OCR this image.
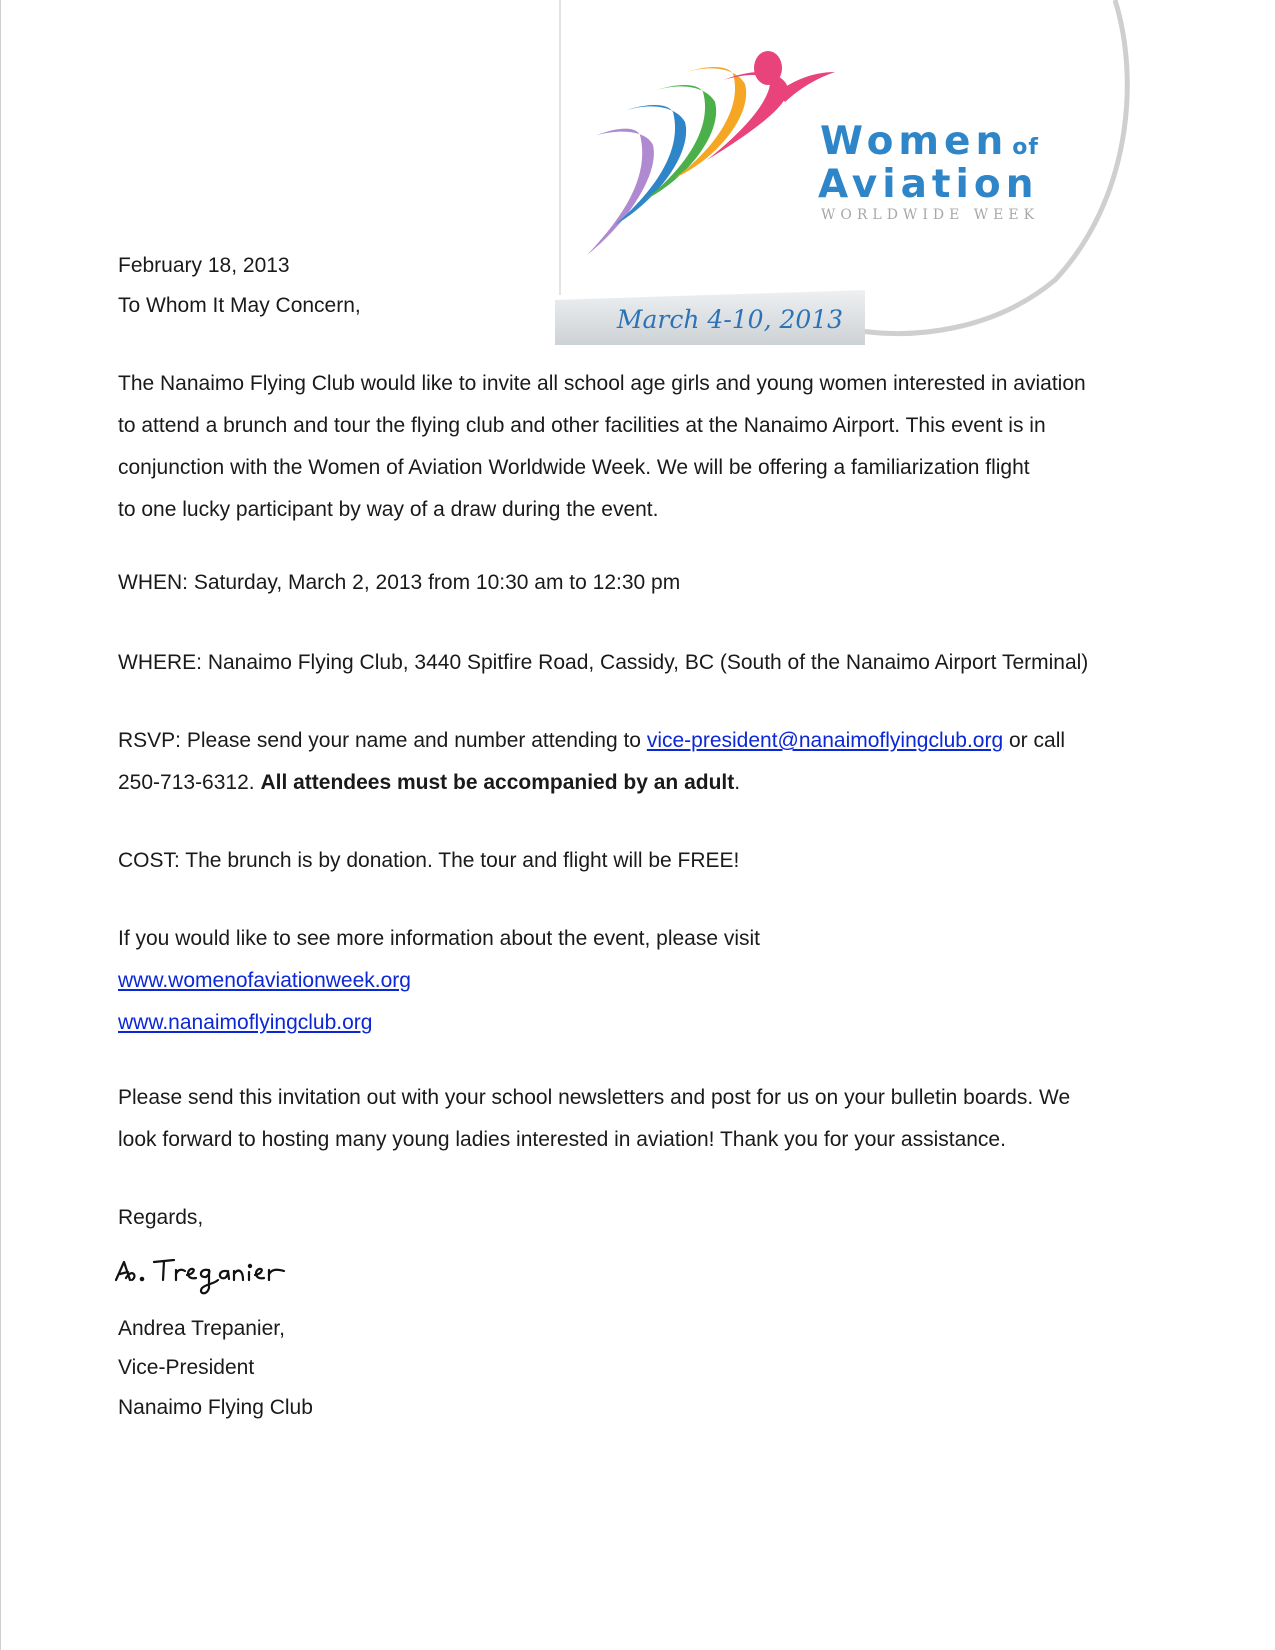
Women of
Aviation
WORLDWIDE WEEK
March 4-10, 2013
February 18, 2013
To Whom It May Concern,
The Nanaimo Flying Club would like to invite all school age girls and young women interested in aviation
to attend a brunch and tour the flying club and other facilities at the Nanaimo Airport. This event is in
conjunction with the Women of Aviation Worldwide Week. We will be offering a familiarization flight
to one lucky participant by way of a draw during the event.
WHEN: Saturday, March 2, 2013 from 10:30 am to 12:30 pm
WHERE: Nanaimo Flying Club, 3440 Spitfire Road, Cassidy, BC (South of the Nanaimo Airport Terminal)
RSVP: Please send your name and number attending to vice-president@nanaimoflyingclub.org or call
250-713-6312. All attendees must be accompanied by an adult.
COST: The brunch is by donation. The tour and flight will be FREE!
If you would like to see more information about the event, please visit
www.womenofaviationweek.org
www.nanaimoflyingclub.org
Please send this invitation out with your school newsletters and post for us on your bulletin boards. We
look forward to hosting many young ladies interested in aviation! Thank you for your assistance.
Regards,
Andrea Trepanier,
Vice-President
Nanaimo Flying Club
